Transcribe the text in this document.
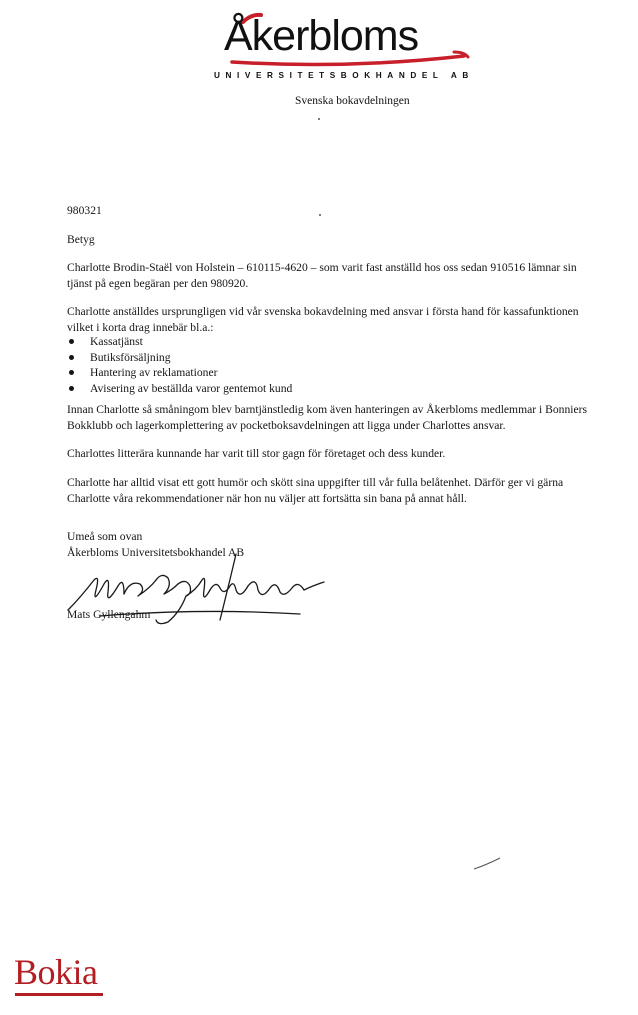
Åkerbloms
UNIVERSITETSBOKHANDEL AB
Svenska bokavdelningen
980321
Betyg
Charlotte Brodin-Staël von Holstein – 610115-4620 – som varit fast anställd hos oss sedan 910516 lämnar sin
tjänst på egen begäran per den 980920.
Charlotte anställdes ursprungligen vid vår svenska bokavdelning med ansvar i första hand för kassafunktionen
vilket i korta drag innebär bl.a.:
Kassatjänst
Butiksförsäljning
Hantering av reklamationer
Avisering av beställda varor gentemot kund
Innan Charlotte så småningom blev barntjänstledig kom även hanteringen av Åkerbloms medlemmar i Bonniers
Bokklubb och lagerkomplettering av pocketboksavdelningen att ligga under Charlottes ansvar.
Charlottes litterära kunnande har varit till stor gagn för företaget och dess kunder.
Charlotte har alltid visat ett gott humör och skött sina uppgifter till vår fulla belåtenhet. Därför ger vi gärna
Charlotte våra rekommendationer när hon nu väljer att fortsätta sin bana på annat håll.
Umeå som ovan
Åkerbloms Universitetsbokhandel AB
Mats Gyllengahm
Bokia
